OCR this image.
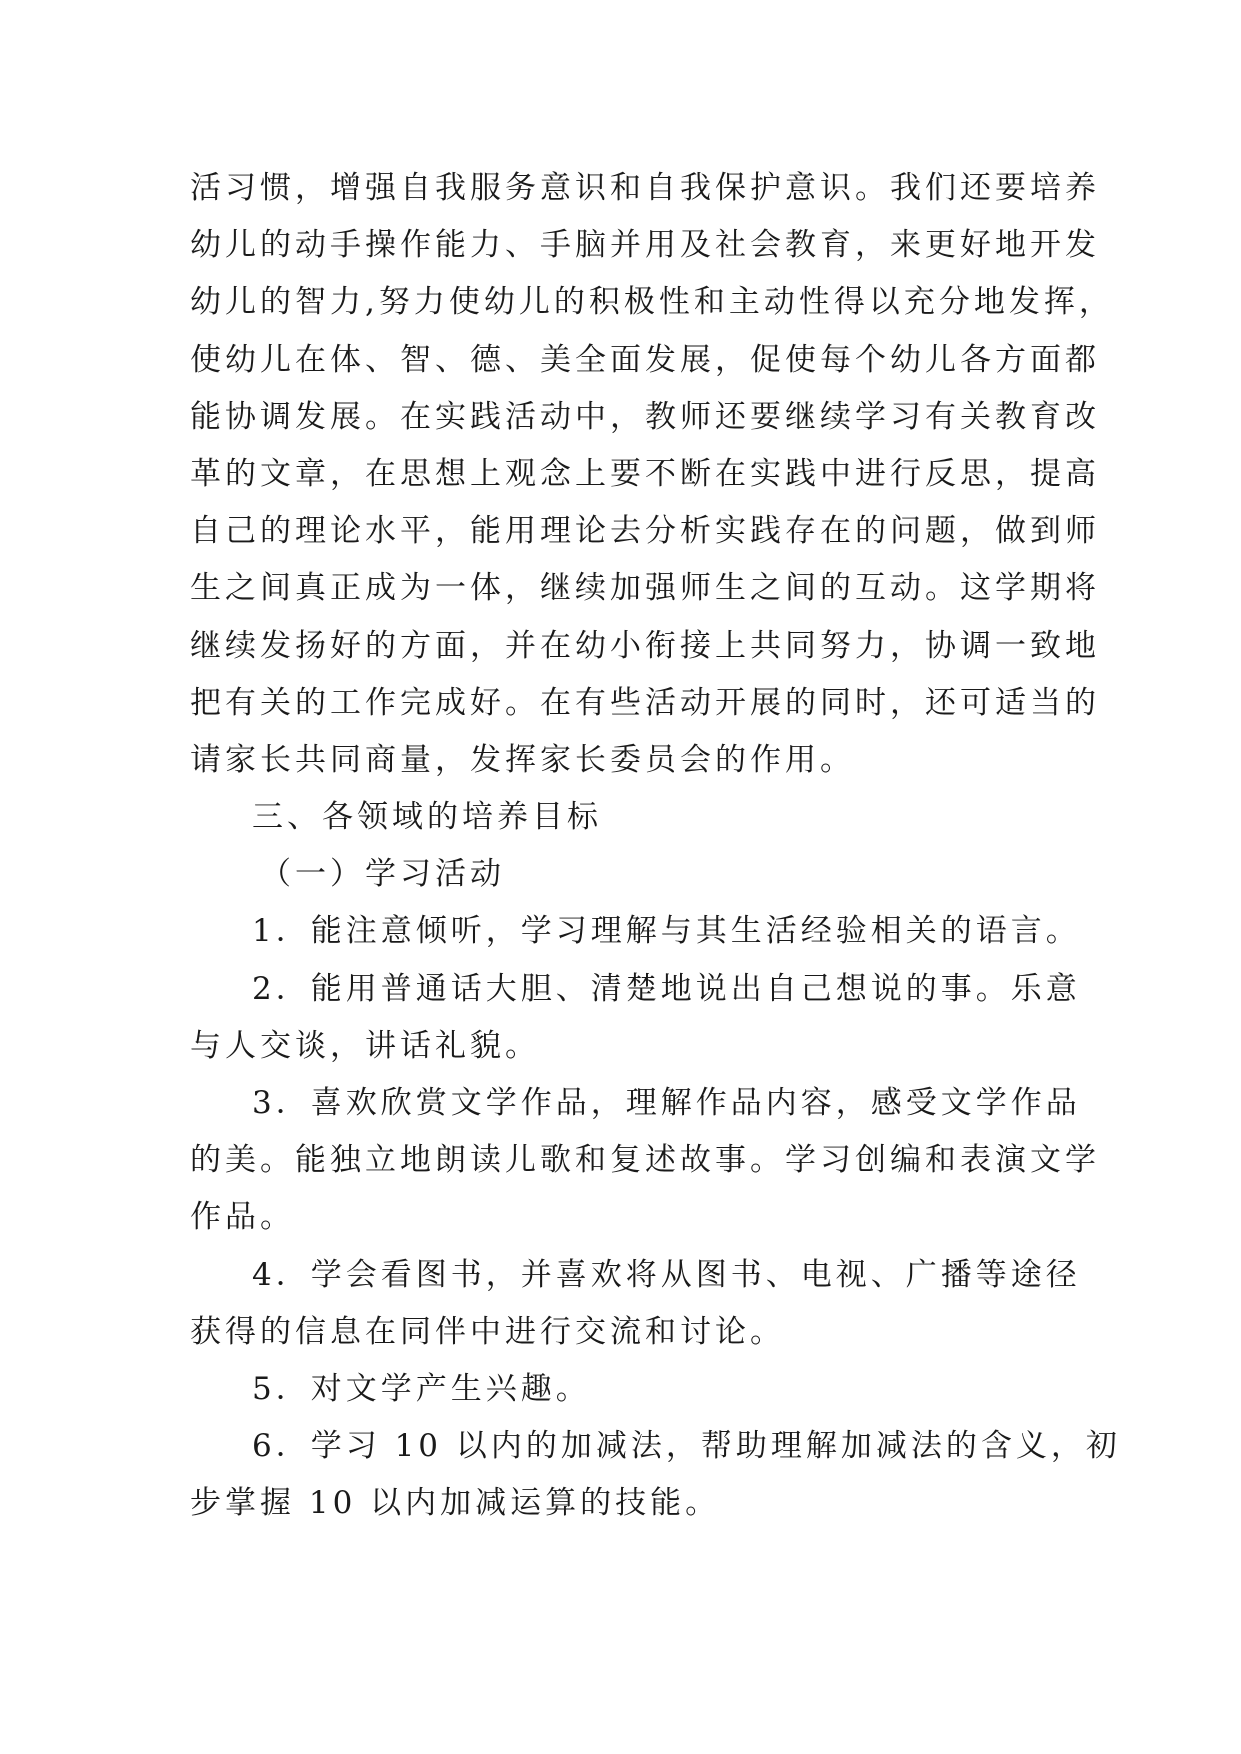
活习惯，增强自我服务意识和自我保护意识。我们还要培养
幼儿的动手操作能力、手脑并用及社会教育，来更好地开发
幼儿的智力,努力使幼儿的积极性和主动性得以充分地发挥，
使幼儿在体、智、德、美全面发展，促使每个幼儿各方面都
能协调发展。在实践活动中，教师还要继续学习有关教育改
革的文章，在思想上观念上要不断在实践中进行反思，提高
自己的理论水平，能用理论去分析实践存在的问题，做到师
生之间真正成为一体，继续加强师生之间的互动。这学期将
继续发扬好的方面，并在幼小衔接上共同努力，协调一致地
把有关的工作完成好。在有些活动开展的同时，还可适当的
请家长共同商量，发挥家长委员会的作用。
三、各领域的培养目标
（一）学习活动
1．能注意倾听，学习理解与其生活经验相关的语言。
2．能用普通话大胆、清楚地说出自己想说的事。乐意
与人交谈，讲话礼貌。
3．喜欢欣赏文学作品，理解作品内容，感受文学作品
的美。能独立地朗读儿歌和复述故事。学习创编和表演文学
作品。
4．学会看图书，并喜欢将从图书、电视、广播等途径
获得的信息在同伴中进行交流和讨论。
5．对文学产生兴趣。
6．学习 10 以内的加减法，帮助理解加减法的含义，初
步掌握 10 以内加减运算的技能。
